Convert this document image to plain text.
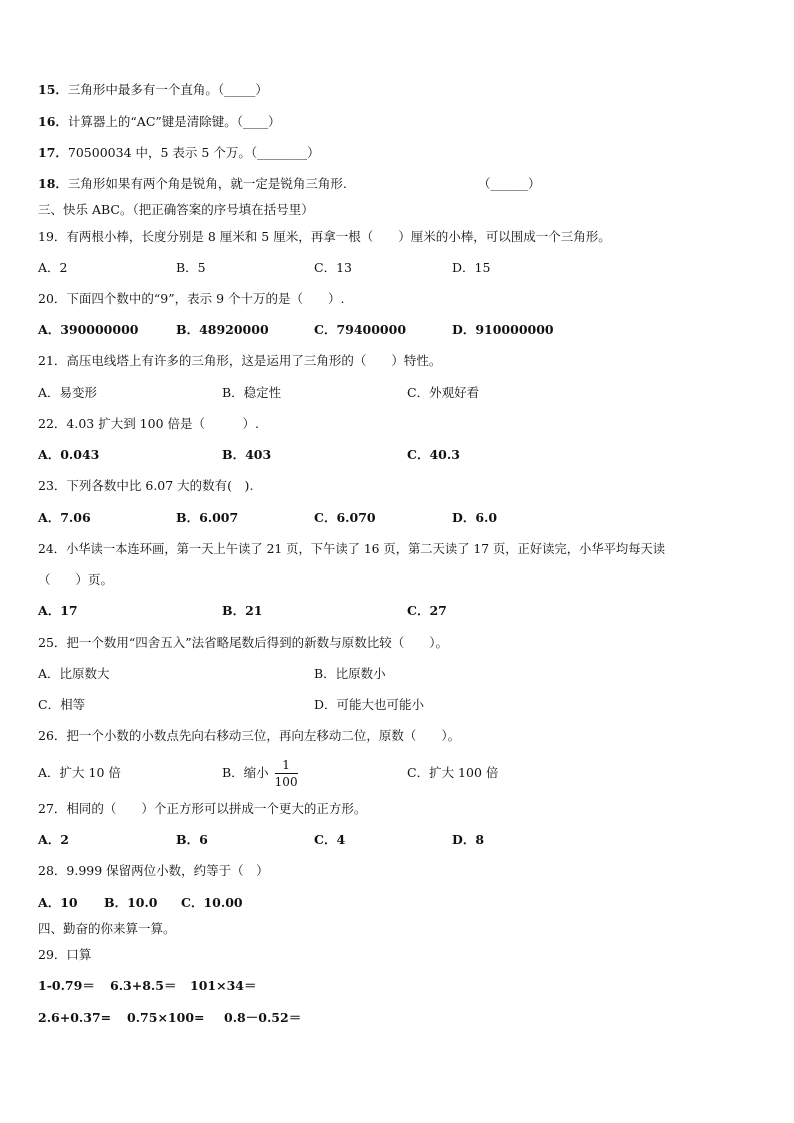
15．三角形中最多有一个直角。（_____）
16．计算器上的“AC”键是清除键。（____）
17．70500034 中，5 表示 5 个万。（________）
18．三角形如果有两个角是锐角，就一定是锐角三角形.	（______）
三、快乐 ABC。（把正确答案的序号填在括号里）
19．有两根小棒，长度分别是 8 厘米和 5 厘米，再拿一根（　　）厘米的小棒，可以围成一个三角形。
A．2	B．5	C．13	D．15
20．下面四个数中的“9”，表示 9 个十万的是（　　）.
A．390000000	B．48920000	C．79400000	D．910000000
21．高压电线塔上有许多的三角形，这是运用了三角形的（　　）特性。
A．易变形	B．稳定性	C．外观好看
22．4.03 扩大到 100 倍是（　　　）.
A．0.043	B．403	C．40.3
23．下列各数中比 6.07 大的数有(　).
A．7.06	B．6.007	C．6.070	D．6.0
24．小华读一本连环画，第一天上午读了 21 页，下午读了 16 页，第二天读了 17 页，正好读完，小华平均每天读
（　　）页。
A．17	B．21	C．27
25．把一个数用“四舍五入”法省略尾数后得到的新数与原数比较（　　）。
A．比原数大	B．比原数小
C．相等	D．可能大也可能小
26．把一个小数的小数点先向右移动三位，再向左移动二位，原数（　　）。
A．扩大 10 倍	B．缩小 $\frac{1}{100}$	C．扩大 100 倍
27．相同的（　　）个正方形可以拼成一个更大的正方形。
A．2	B．6	C．4	D．8
28．9.999 保留两位小数，约等于（　）
A．10 B．10.0 C．10.00
四、勤奋的你来算一算。
29．口算
1-0.79＝ 6.3+8.5＝ 101×34＝
2.6+0.37= 0.75×100= 0.8－0.52＝
